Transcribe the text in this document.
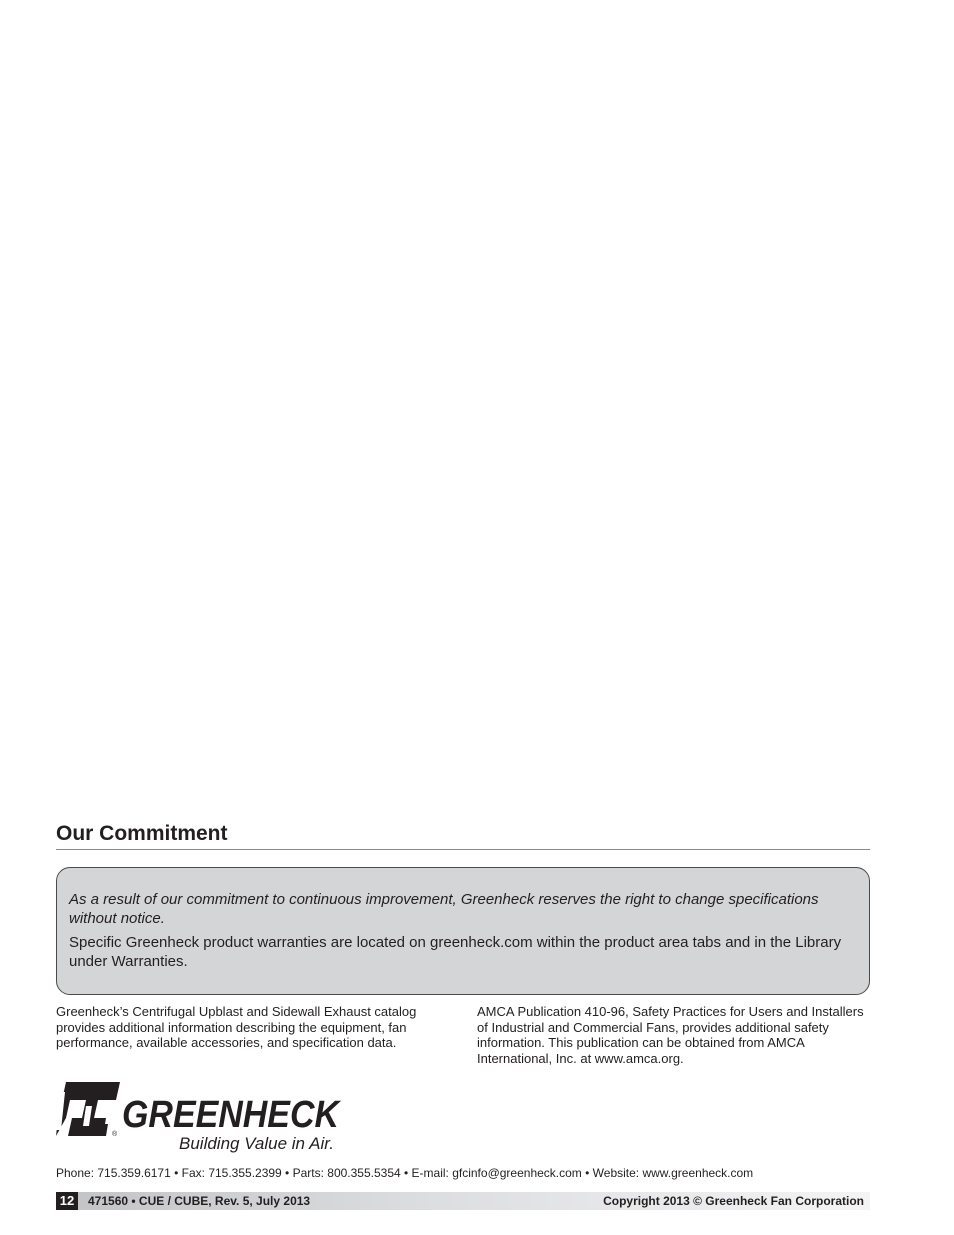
Our Commitment

As a result of our commitment to continuous improvement, Greenheck reserves the right to change specifications without notice.

Specific Greenheck product warranties are located on greenheck.com within the product area tabs and in the Library under Warranties.

Greenheck’s Centrifugal Upblast and Sidewall Exhaust catalog provides additional information describing the equipment, fan performance, available accessories, and specification data.
AMCA Publication 410-96, Safety Practices for Users and Installers of Industrial and Commercial Fans, provides additional safety information. This publication can be obtained from AMCA International, Inc. at www.amca.org.
® GREENHECK
Building Value in Air.
Phone: 715.359.6171 • Fax: 715.355.2399 • Parts: 800.355.5354 • E-mail: gfcinfo@greenheck.com • Website: www.greenheck.com
12	471560 • CUE / CUBE, Rev. 5, July 2013	Copyright 2013 © Greenheck Fan Corporation
